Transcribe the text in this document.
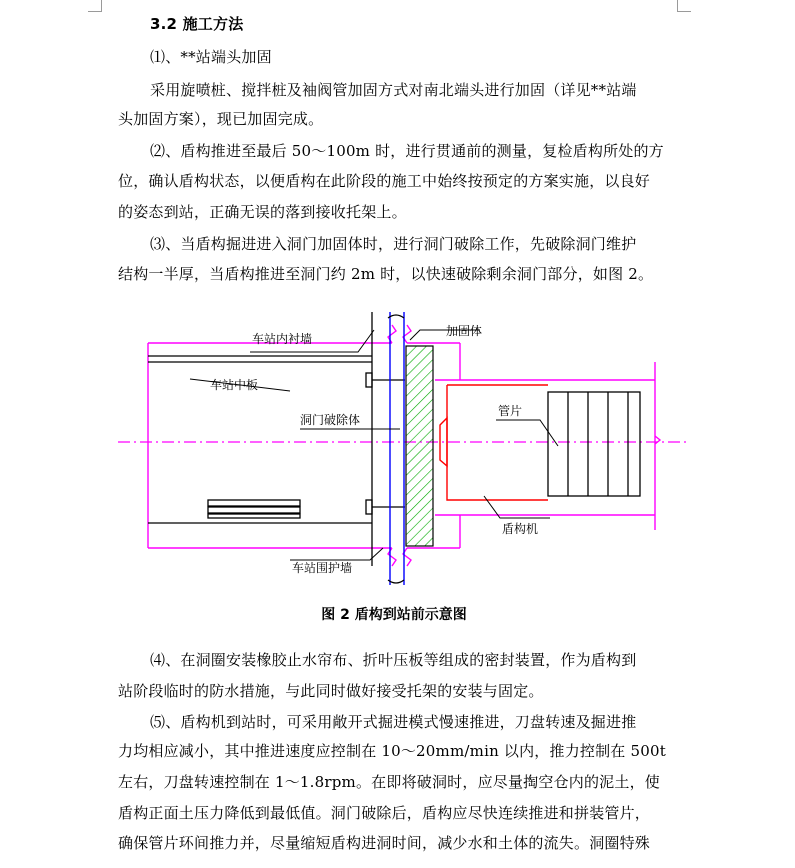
3.2 施工方法
⑴、**站端头加固
采用旋喷桩、搅拌桩及袖阀管加固方式对南北端头进行加固（详见**站端
头加固方案），现已加固完成。
⑵、盾构推进至最后 50～100m 时，进行贯通前的测量，复检盾构所处的方
位，确认盾构状态，以便盾构在此阶段的施工中始终按预定的方案实施，以良好
的姿态到站，正确无误的落到接收托架上。
⑶、当盾构掘进进入洞门加固体时，进行洞门破除工作，先破除洞门维护
结构一半厚，当盾构推进至洞门约 2m 时，以快速破除剩余洞门部分，如图 2。
图 2 盾构到站前示意图
⑷、在洞圈安装橡胶止水帘布、折叶压板等组成的密封装置，作为盾构到
站阶段临时的防水措施，与此同时做好接受托架的安装与固定。
⑸、盾构机到站时，可采用敞开式掘进模式慢速推进，刀盘转速及掘进推
力均相应减小，其中推进速度应控制在 10～20mm/min 以内，推力控制在 500t
左右，刀盘转速控制在 1～1.8rpm。在即将破洞时，应尽量掏空仓内的泥土，使
盾构正面土压力降低到最低值。洞门破除后，盾构应尽快连续推进和拼装管片，
确保管片环间推力并，尽量缩短盾构进洞时间，减少水和土体的流失。洞圈特殊
车站内衬墙
加固体
车站中板
管片
洞门破除体
盾构机
车站围护墙
